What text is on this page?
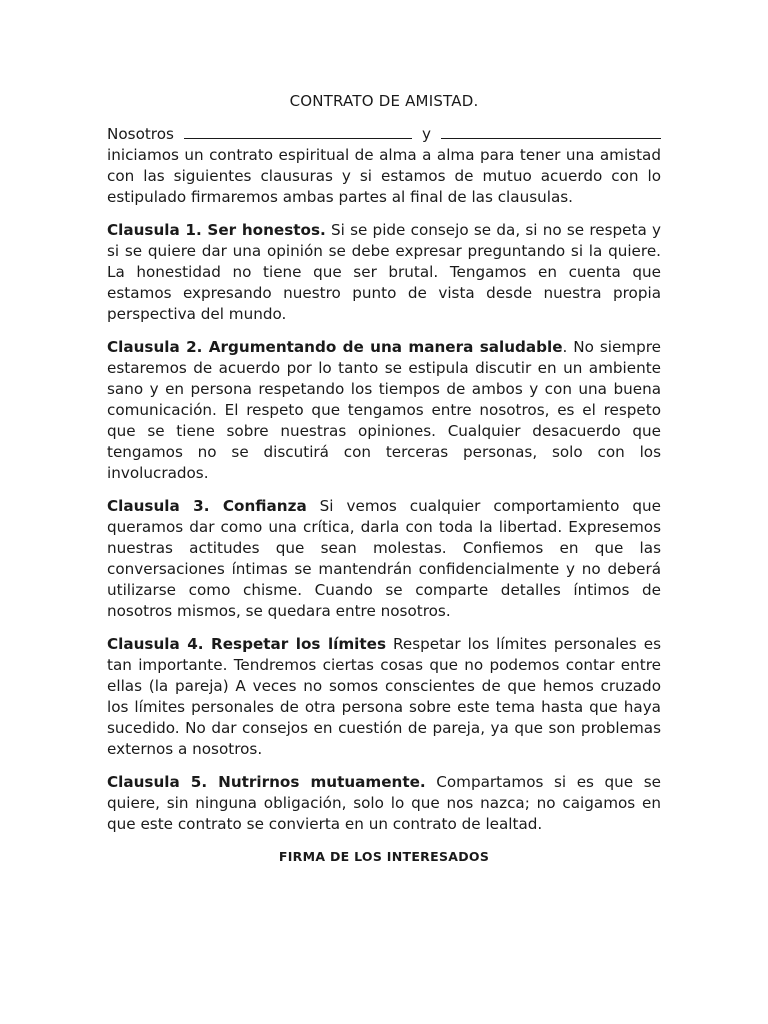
CONTRATO DE AMISTAD.

Nosotros	y  iniciamos un contrato espiritual de alma a alma para tener una amistad con las siguientes clausuras y si estamos de mutuo acuerdo con lo estipulado firmaremos ambas partes al final de las clausulas.

Clausula 1. Ser honestos. Si se pide consejo se da, si no se respeta y si se quiere dar una opinión se debe expresar preguntando si la quiere. La honestidad no tiene que ser brutal. Tengamos en cuenta que estamos expresando nuestro punto de vista desde nuestra propia perspectiva del mundo.

Clausula 2. Argumentando de una manera saludable. No siempre estaremos de acuerdo por lo tanto se estipula discutir en un ambiente sano y en persona respetando los tiempos de ambos y con una buena comunicación. El respeto que tengamos entre nosotros, es el respeto que se tiene sobre nuestras opiniones. Cualquier desacuerdo que tengamos no se discutirá con terceras personas, solo con los involucrados.

Clausula 3. Confianza Si vemos cualquier comportamiento que queramos dar como una crítica, darla con toda la libertad. Expresemos nuestras actitudes que sean molestas. Confiemos en que las conversaciones íntimas se mantendrán confidencialmente y no deberá utilizarse como chisme. Cuando se comparte detalles íntimos de nosotros mismos, se quedara entre nosotros.

Clausula 4. Respetar los límites Respetar los límites personales es tan importante. Tendremos ciertas cosas que no podemos contar entre ellas (la pareja) A veces no somos conscientes de que hemos cruzado los límites personales de otra persona sobre este tema hasta que haya sucedido. No dar consejos en cuestión de pareja, ya que son problemas externos a nosotros.

Clausula 5. Nutrirnos mutuamente. Compartamos si es que se quiere, sin ninguna obligación, solo lo que nos nazca; no caigamos en que este contrato se convierta en un contrato de lealtad.

FIRMA DE LOS INTERESADOS
